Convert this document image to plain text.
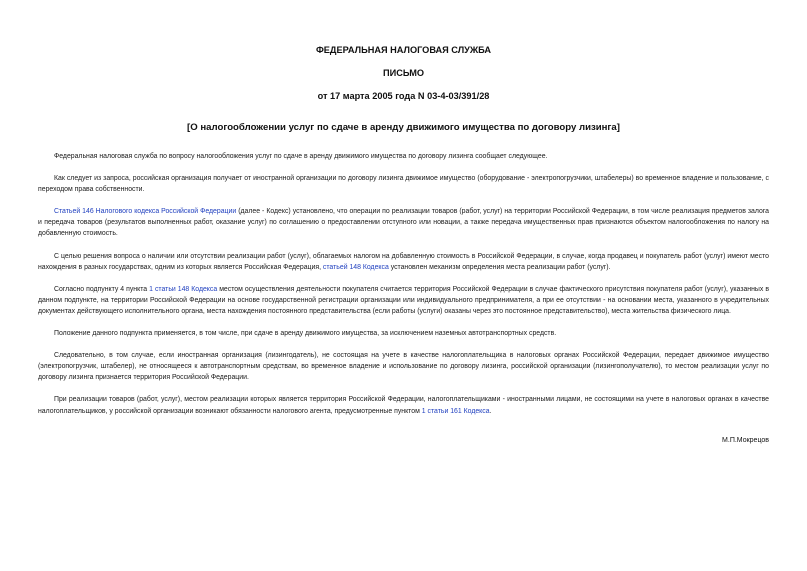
ФЕДЕРАЛЬНАЯ НАЛОГОВАЯ СЛУЖБА
ПИСЬМО
от 17 марта 2005 года N 03-4-03/391/28
[О налогообложении услуг по сдаче в аренду движимого имущества по договору лизинга]

Федеральная налоговая служба по вопросу налогообложения услуг по сдаче в аренду движимого имущества по договору лизинга сообщает следующее.

Как следует из запроса, российская организация получает от иностранной организации по договору лизинга движимое имущество (оборудование - электропогрузчики, штабелеры) во временное владение и пользование, с переходом права собственности.

Статьей 146 Налогового кодекса Российской Федерации (далее - Кодекс) установлено, что операции по реализации товаров (работ, услуг) на территории Российской Федерации, в том числе реализация предметов залога и передача товаров (результатов выполненных работ, оказание услуг) по соглашению о предоставлении отступного или новации, а также передача имущественных прав признаются объектом налогообложения по налогу на добавленную стоимость.

С целью решения вопроса о наличии или отсутствии реализации работ (услуг), облагаемых налогом на добавленную стоимость в Российской Федерации, в случае, когда продавец и покупатель работ (услуг) имеют место нахождения в разных государствах, одним из которых является Российская Федерация, статьей 148 Кодекса установлен механизм определения места реализации работ (услуг).

Согласно подпункту 4 пункта 1 статьи 148 Кодекса местом осуществления деятельности покупателя считается территория Российской Федерации в случае фактического присутствия покупателя работ (услуг), указанных в данном подпункте, на территории Российской Федерации на основе государственной регистрации организации или индивидуального предпринимателя, а при ее отсутствии - на основании места, указанного в учредительных документах действующего исполнительного органа, места нахождения постоянного представительства (если работы (услуги) оказаны через это постоянное представительство), места жительства физического лица.

Положение данного подпункта применяется, в том числе, при сдаче в аренду движимого имущества, за исключением наземных автотранспортных средств.

Следовательно, в том случае, если иностранная организация (лизингодатель), не состоящая на учете в качестве налогоплательщика в налоговых органах Российской Федерации, передает движимое имущество (электропогрузчик, штабелер), не относящееся к автотранспортным средствам, во временное владение и использование по договору лизинга, российской организации (лизингополучателю), то местом реализации услуг по договору лизинга признается территория Российской Федерации.

При реализации товаров (работ, услуг), местом реализации которых является территория Российской Федерации, налогоплательщиками - иностранными лицами, не состоящими на учете в налоговых органах в качестве налогоплательщиков, у российской организации возникают обязанности налогового агента, предусмотренные пунктом 1 статьи 161 Кодекса.

М.П.Мокрецов
